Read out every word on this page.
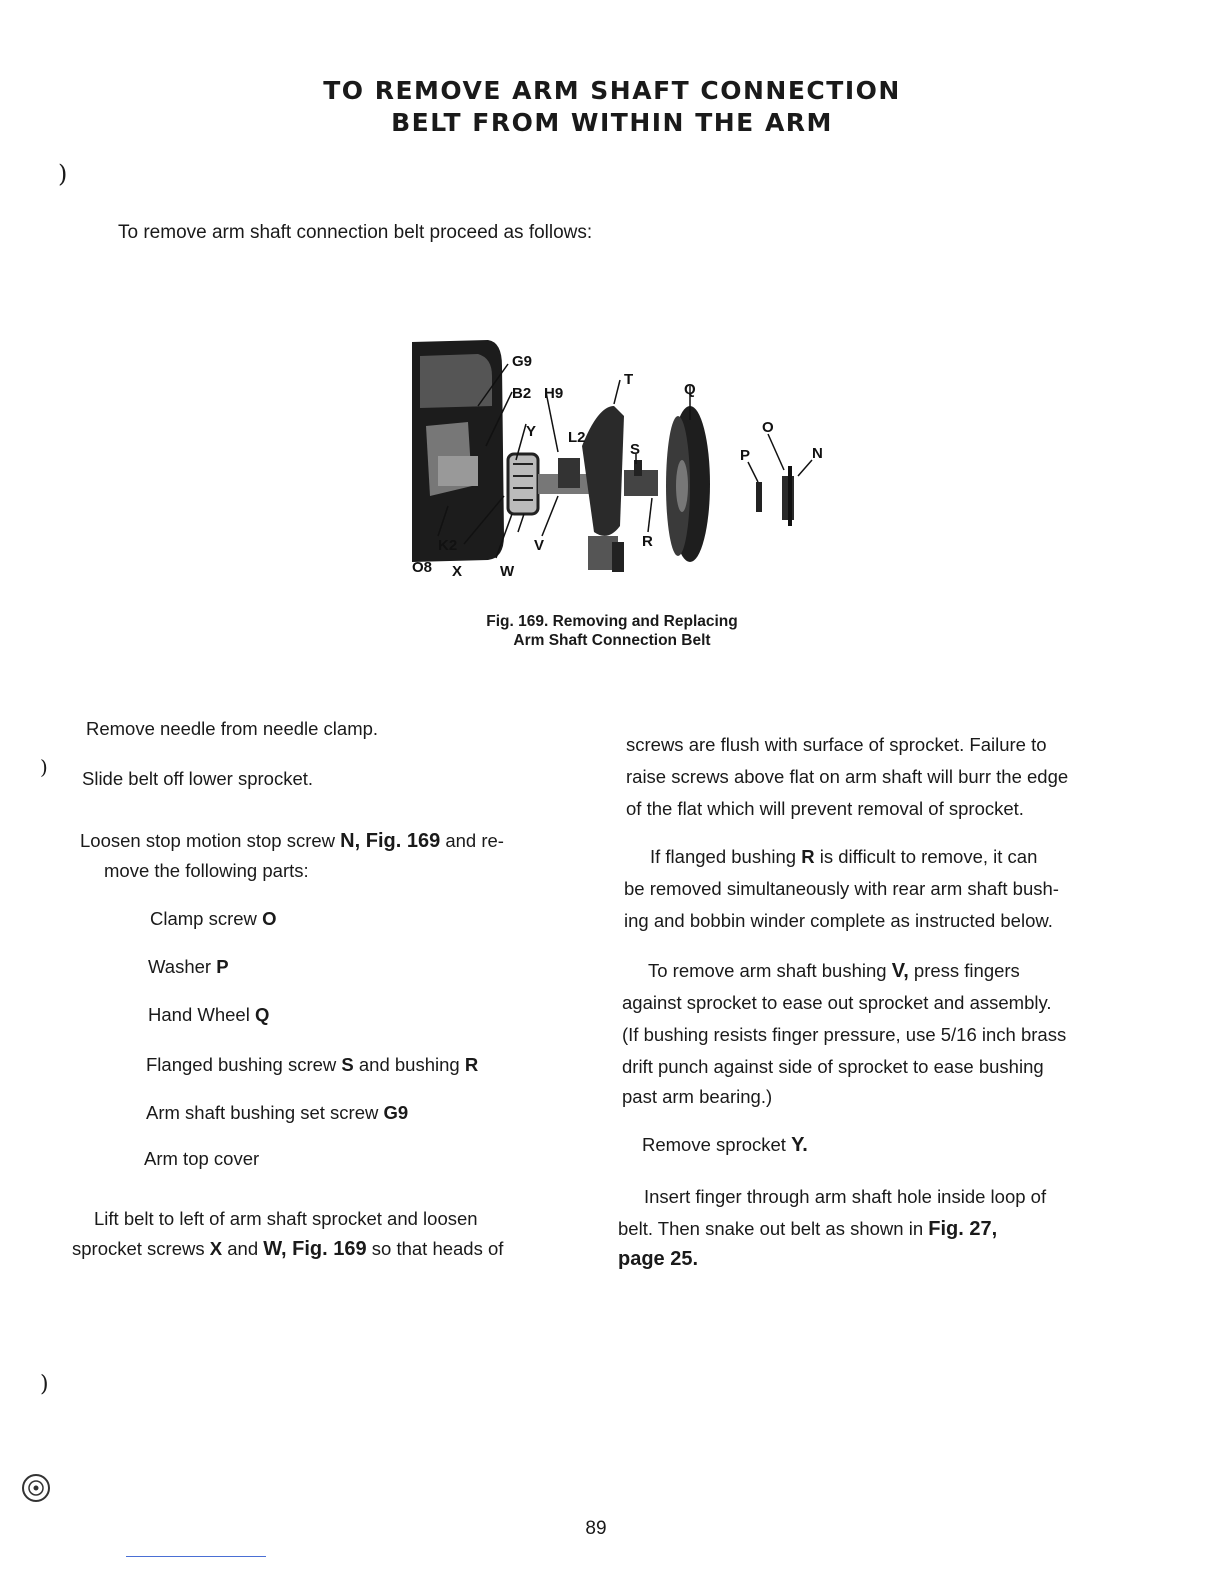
TO REMOVE ARM SHAFT CONNECTION
BELT FROM WITHIN THE ARM
)
)
)
To remove arm shaft connection belt proceed as follows:
G9
B2 H9
T
Q
Y L2
S
O
P	N
K2	V	R
O8 X	W
Fig. 169. Removing and Replacing
Arm Shaft Connection Belt
Remove needle from needle clamp.
Slide belt off lower sprocket.
Loosen stop motion stop screw N, Fig. 169 and re-
move the following parts:
Clamp screw O
Washer P
Hand Wheel Q
Flanged bushing screw S and bushing R
Arm shaft bushing set screw G9
Arm top cover
Lift belt to left of arm shaft sprocket and loosen
sprocket screws X and W, Fig. 169 so that heads of
screws are flush with surface of sprocket. Failure to
raise screws above flat on arm shaft will burr the edge
of the flat which will prevent removal of sprocket.
If flanged bushing R is difficult to remove, it can
be removed simultaneously with rear arm shaft bush-
ing and bobbin winder complete as instructed below.
To remove arm shaft bushing V, press fingers
against sprocket to ease out sprocket and assembly.
(If bushing resists finger pressure, use 5/16 inch brass
drift punch against side of sprocket to ease bushing
past arm bearing.)
Remove sprocket Y.
Insert finger through arm shaft hole inside loop of
belt. Then snake out belt as shown in Fig. 27,
page 25.
89
